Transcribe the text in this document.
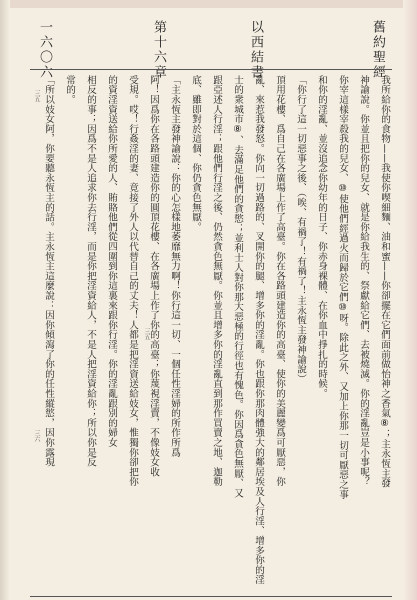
舊約聖經
以西結書
第十六章
一六〇六
我所給你的食物——我使你喫細麵、油和蜜——你卻擺在它們面前做怡神之香氣⑧；主永恆主發
神諭說。你並且把你的兒女、就是你給我生的、祭獻給它們、去被燒滅。你的淫亂豈是小事呢？
你宰這樣宰殺我的兒女、⑩使他們經過火而歸於它們⑩呀。除此之外、又加上你那一切可厭惡之事
和你的淫亂、並沒追念你幼年的日子、你赤身裸體、在你血中掙扎的時候。
「你行了這一切惡事之後、（唉、有禍了！有禍了！主永恆主發神諭說）
頂用花樓、爲自己在各廣場上作了高臺。你在各路頭建造你的高臺、使你的美麗變爲可厭惡，你
亂、來惹我發怒。你向一切過路的、叉開你的腿、增多你的淫亂。你也跟你那肉體強大的鄰居埃及人行淫、增多你的淫
士的衆城市⑧、去滿足他們的貪慾；並利士人對你那大惡極的行徑也有愧色。你因爲貪色無厭、又
跟亞述人行淫；跟他們行淫之後、仍然貪色無厭。你並且增多你的淫亂直到那作買賣之地、迦勒
底、雖即對於這個、你仍貪色無厭。
「主永恆主發神諭說：你的心怎樣地萎靡無力啊！你行這一切、一個任性淫婦的所作所爲
阿！因爲你在各路頭建造你的圓頂花樓、在各廣場上作了你的高臺；你蔑視淫賣，不像妓女收
受規。哎！行姦淫的妻、竟接了外人以代替自己的丈夫！人都是把淫資送給妓女，惟獨你卻把你
的資淫資送給你所愛的人、賄賂他們從四圍到你這裏來跟你行淫。你的淫亂跟別的婦女
相反的事；因爲不是人追求你去行淫，而是你把淫資給人，不是人把淫資給你；所以你是反
常的。
「所以妓女阿，你要聽永恆主的話。主永恆主這麼說：因你傾瀉了你的任性縱慾，因你露現	三五
三五
三六
